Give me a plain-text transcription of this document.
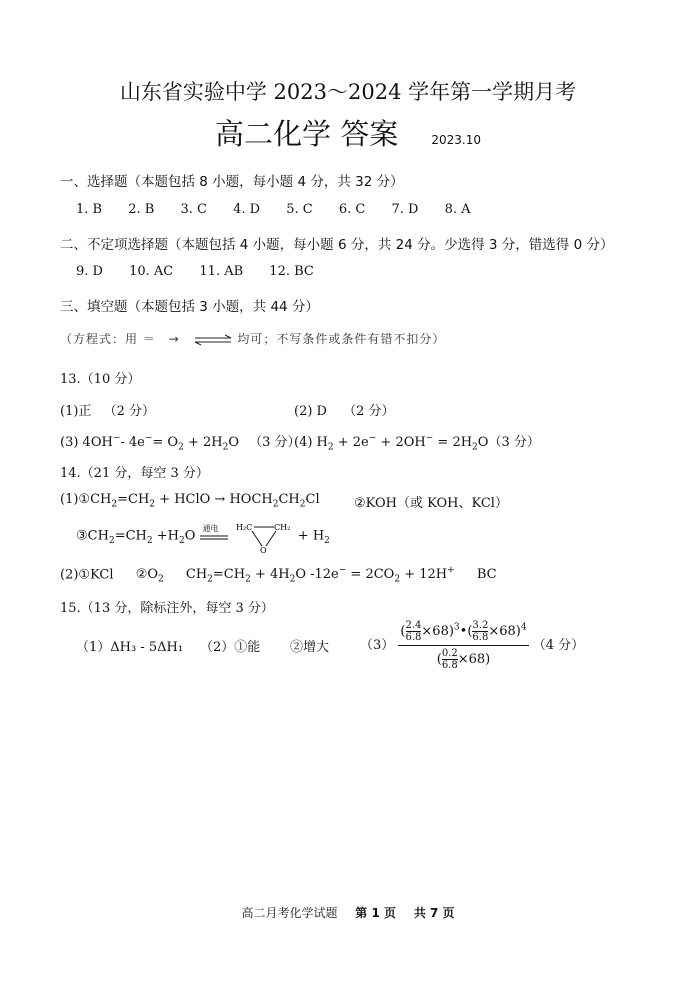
山东省实验中学 2023～2024 学年第一学期月考
高二化学 答案	2023.10
一、选择题（本题包括 8 小题，每小题 4 分，共 32 分）
1. B 2. B 3. C 4. D 5. C 6. C 7. D 8. A
二、不定项选择题（本题包括 4 小题，每小题 6 分，共 24 分。少选得 3 分，错选得 0 分）
9. D 10. AC 11. AB 12. BC
三、填空题（本题包括 3 小题，共 44 分）
（方程式：用 ＝ →	均可；不写条件或条件有错不扣分）
13.（10 分）
(1)正 （2 分）	(2) D （2 分）
(3) 4OH−- $4e^-= O_2 + 2H_2O$ （3 分）
(4) $H_2 + 2e^- + 2OH^- = 2H_2O(3$ 分）
14.（21 分，每空 3 分）
$(1)①CH_2=CH_2$ + HClO → $HOCH_2CH_2Cl$	②KOH（或 KOH、KCl）
$③CH_2=CH_2 +H_2O$ 通电
H₂C	CH₂
O
+ $H_2$
(2)①KCl $②O_2$ $CH_2=CH_2 + 4H_2O$ $-12e^- = 2CO_2 + 12H^+$ BC
15.（13 分，除标注外，每空 3 分）
（1）ΔH₃ - 5ΔH₁ （2）①能 ②增大 $(3) \frac{( \frac{2.4}{6.8}\times 68)^3•( \frac{3.2}{6.8}\times 68)^4}{( \frac{0.2}{6.8}\times 68)} (4$ 分）
高二月考化学试题 第 1 页 共 7 页
